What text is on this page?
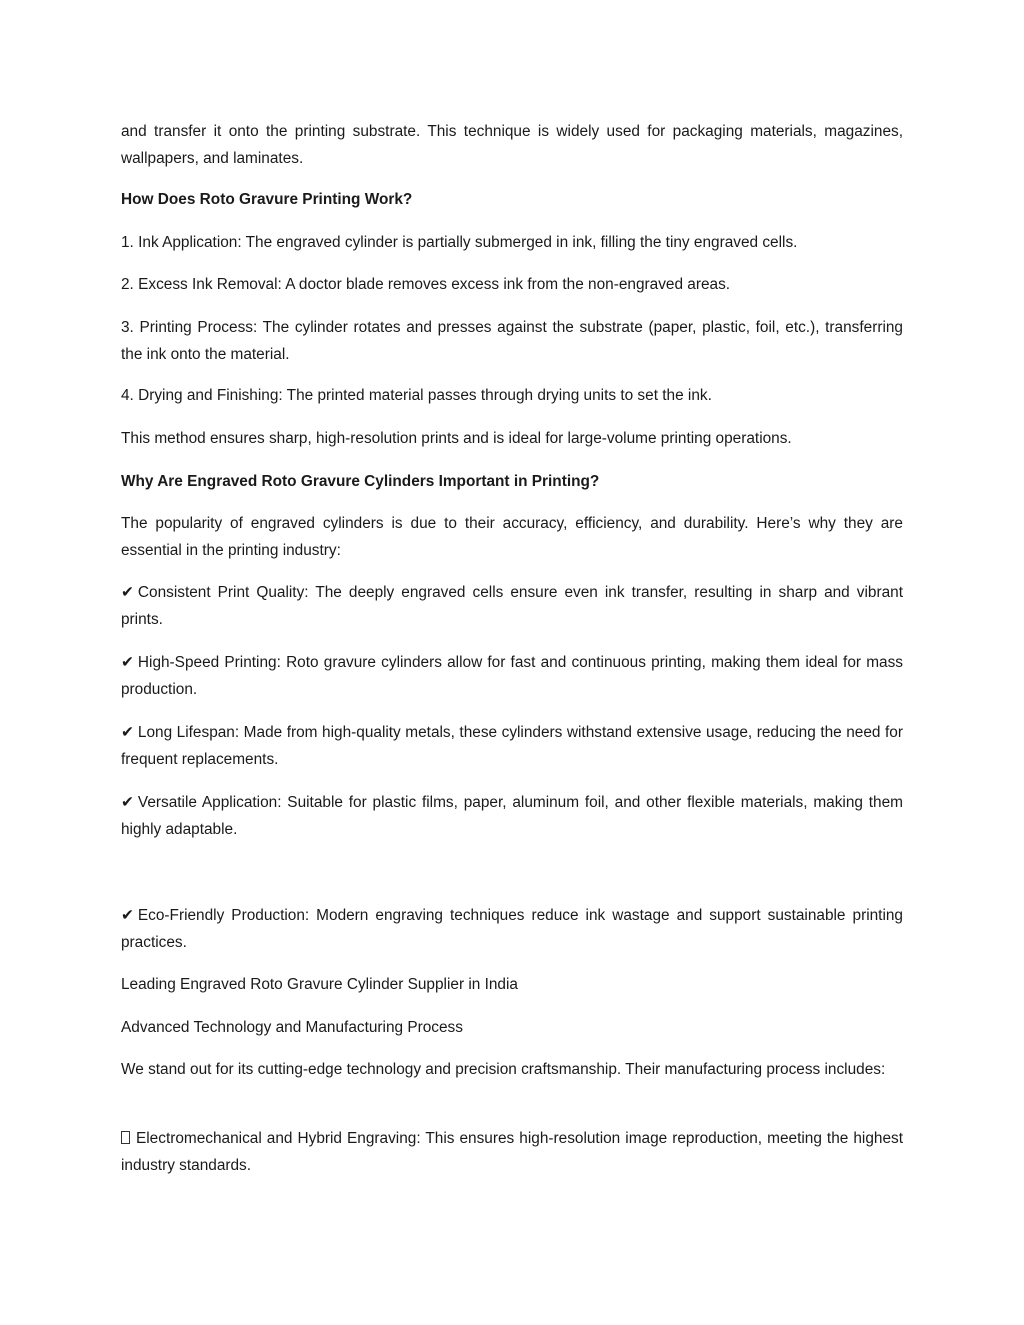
and transfer it onto the printing substrate. This technique is widely used for packaging materials, magazines, wallpapers, and laminates.

How Does Roto Gravure Printing Work?

1. Ink Application: The engraved cylinder is partially submerged in ink, filling the tiny engraved cells.

2. Excess Ink Removal: A doctor blade removes excess ink from the non-engraved areas.

3. Printing Process: The cylinder rotates and presses against the substrate (paper, plastic, foil, etc.), transferring the ink onto the material.

4. Drying and Finishing: The printed material passes through drying units to set the ink.

This method ensures sharp, high-resolution prints and is ideal for large-volume printing operations.

Why Are Engraved Roto Gravure Cylinders Important in Printing?

The popularity of engraved cylinders is due to their accuracy, efficiency, and durability. Here’s why they are essential in the printing industry:

✔ Consistent Print Quality: The deeply engraved cells ensure even ink transfer, resulting in sharp and vibrant prints.

✔ High-Speed Printing: Roto gravure cylinders allow for fast and continuous printing, making them ideal for mass production.

✔ Long Lifespan: Made from high-quality metals, these cylinders withstand extensive usage, reducing the need for frequent replacements.

✔ Versatile Application: Suitable for plastic films, paper, aluminum foil, and other flexible materials, making them highly adaptable.

✔ Eco-Friendly Production: Modern engraving techniques reduce ink wastage and support sustainable printing practices.

Leading Engraved Roto Gravure Cylinder Supplier in India

Advanced Technology and Manufacturing Process

We stand out for its cutting-edge technology and precision craftsmanship. Their manufacturing process includes:

Electromechanical and Hybrid Engraving: This ensures high-resolution image reproduction, meeting the highest industry standards.
